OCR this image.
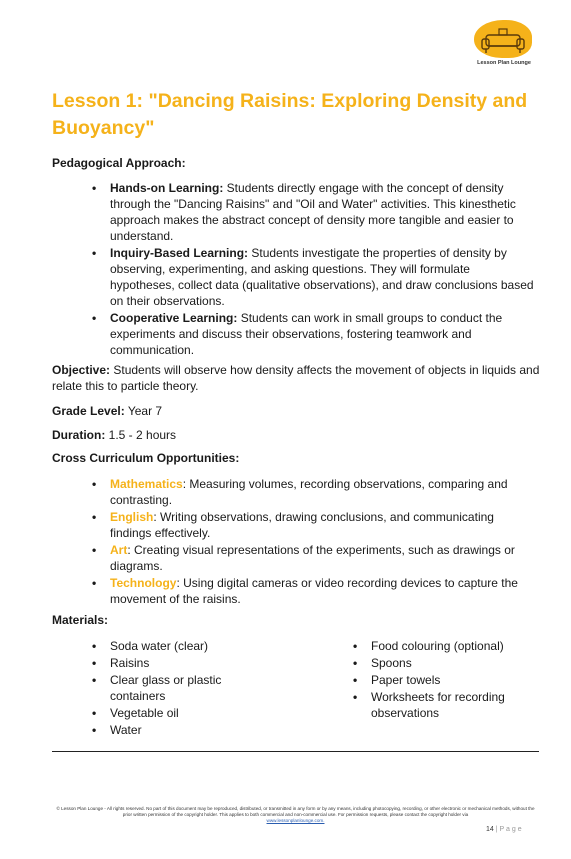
Lesson Plan Lounge
Lesson 1: "Dancing Raisins: Exploring Density and Buoyancy"
Pedagogical Approach:
• Hands-on Learning: Students directly engage with the concept of density through the "Dancing Raisins" and "Oil and Water" activities. This kinesthetic approach makes the abstract concept of density more tangible and easier to understand.
• Inquiry-Based Learning: Students investigate the properties of density by observing, experimenting, and asking questions. They will formulate hypotheses, collect data (qualitative observations), and draw conclusions based on their observations.
• Cooperative Learning: Students can work in small groups to conduct the experiments and discuss their observations, fostering teamwork and communication.
Objective: Students will observe how density affects the movement of objects in liquids and relate this to particle theory.
Grade Level: Year 7
Duration: 1.5 - 2 hours
Cross Curriculum Opportunities:
• Mathematics: Measuring volumes, recording observations, comparing and contrasting.
• English: Writing observations, drawing conclusions, and communicating findings effectively.
• Art: Creating visual representations of the experiments, such as drawings or diagrams.
• Technology: Using digital cameras or video recording devices to capture the movement of the raisins.
Materials:
• Soda water (clear)
• Raisins
• Clear glass or plastic containers
• Vegetable oil
• Water
• Food colouring (optional)
• Spoons
• Paper towels
• Worksheets for recording observations
© Lesson Plan Lounge - All rights reserved. No part of this document may be reproduced, distributed, or transmitted in any form or by any means, including photocopying, recording, or other electronic or mechanical methods, without the prior written permission of the copyright holder. This applies to both commercial and non-commercial use. For permission requests, please contact the copyright holder via
www.lessonplanlounge.com.
14 | P a g e
